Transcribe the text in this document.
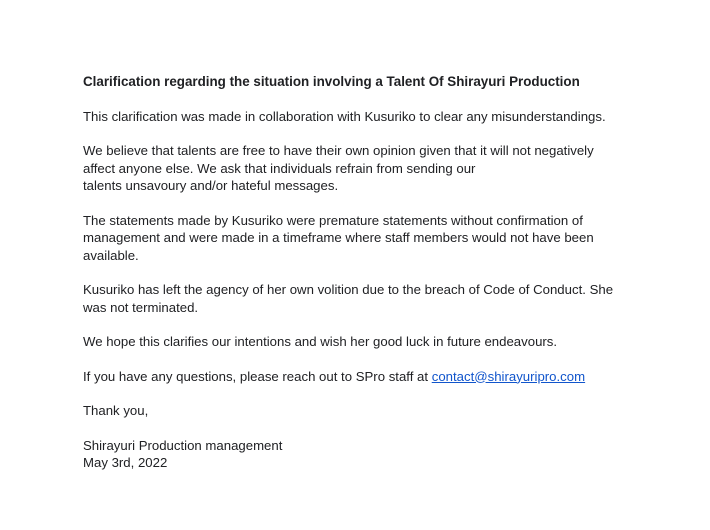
Clarification regarding the situation involving a Talent Of Shirayuri Production
This clarification was made in collaboration with Kusuriko to clear any misunderstandings.
We believe that talents are free to have their own opinion given that it will not negatively
affect anyone else. We ask that individuals refrain from sending our
talents unsavoury and/or hateful messages.
The statements made by Kusuriko were premature statements without confirmation of
management and were made in a timeframe where staff members would not have been
available.
Kusuriko has left the agency of her own volition due to the breach of Code of Conduct. She
was not terminated.
We hope this clarifies our intentions and wish her good luck in future endeavours.
If you have any questions, please reach out to SPro staff at contact@shirayuripro.com
Thank you,
Shirayuri Production management
May 3rd, 2022
